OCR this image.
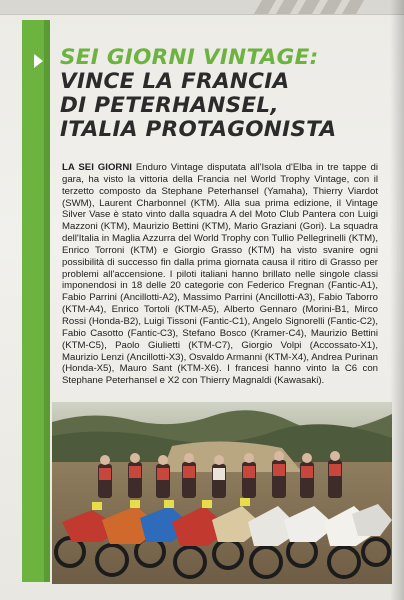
SEI GIORNI VINTAGE:
VINCE LA FRANCIA
DI PETERHANSEL,
ITALIA PROTAGONISTA
LA SEI GIORNI Enduro Vintage disputata all'Isola d'Elba in tre tappe di gara, ha visto la vittoria della Francia nel World Trophy Vintage, con il terzetto composto da Stephane Peterhansel (Yamaha), Thierry Viardot (SWM), Laurent Charbonnel (KTM). Alla sua prima edizione, il Vintage Silver Vase è stato vinto dalla squadra A del Moto Club Pantera con Luigi Mazzoni (KTM), Maurizio Bettini (KTM), Mario Graziani (Gori). La squadra dell'Italia in Maglia Azzurra del World Trophy con Tullio Pellegrinelli (KTM), Enrico Torroni (KTM) e Giorgio Grasso (KTM) ha visto svanire ogni possibilità di successo fin dalla prima giornata causa il ritiro di Grasso per problemi all'accensione. I piloti italiani hanno brillato nelle singole classi imponendosi in 18 delle 20 categorie con Federico Fregnan (Fantic-A1), Fabio Parrini (Ancillotti-A2), Massimo Parrini (Ancillotti-A3), Fabio Taborro (KTM-A4), Enrico Tortoli (KTM-A5), Alberto Gennaro (Morini-B1, Mirco Rossi (Honda-B2), Luigi Tissoni (Fantic-C1), Angelo Signorelli (Fantic-C2), Fabio Casotto (Fantic-C3), Stefano Bosco (Kramer-C4), Maurizio Bettini (KTM-C5), Paolo Giulietti (KTM-C7), Giorgio Volpi (Accossato-X1), Maurizio Lenzi (Ancillotti-X3), Osvaldo Armanni (KTM-X4), Andrea Purinan (Honda-X5), Mauro Sant (KTM-X6). I francesi hanno vinto la C6 con Stephane Peterhansel e X2 con Thierry Magnaldi (Kawasaki).
